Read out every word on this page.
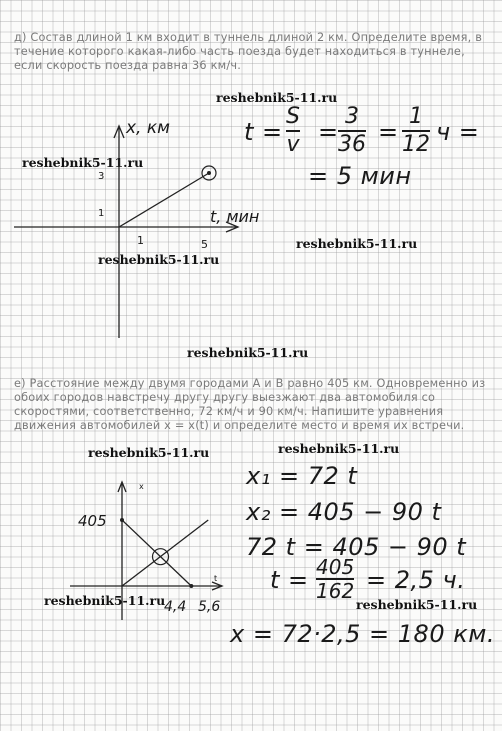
д) Состав длиной 1 км входит в туннель длиной 2 км. Определите время, в течение которого какая-либо часть поезда будет находиться в туннеле, если скорость поезда равна 36 км/ч.

reshebnik5-11.ru

reshebnik5-11.ru

reshebnik5-11.ru

reshebnik5-11.ru

reshebnik5-11.ru

reshebnik5-11.ru	reshebnik5-11.ru

reshebnik5-11.ru	reshebnik5-11.ru

x, км
t, мин
3
1
1	5

t =

S
v =

3
36 =

1
12 ч =

= 5 мин

е) Расстояние между двумя городами A и B равно 405 км. Одновременно из обоих городов навстречу другу другу выезжают два автомобиля со скоростями, соответственно, 72 км/ч и 90 км/ч. Напишите уравнения движения автомобилей x = x(t) и определите место и время их встречи.

x
t
405
4,4 5,6

x₁ = 72 t

x₂ = 405 − 90 t

72 t = 405 − 90 t

t = 405
162 = 2,5 ч.

x = 72·2,5 = 180 км.
